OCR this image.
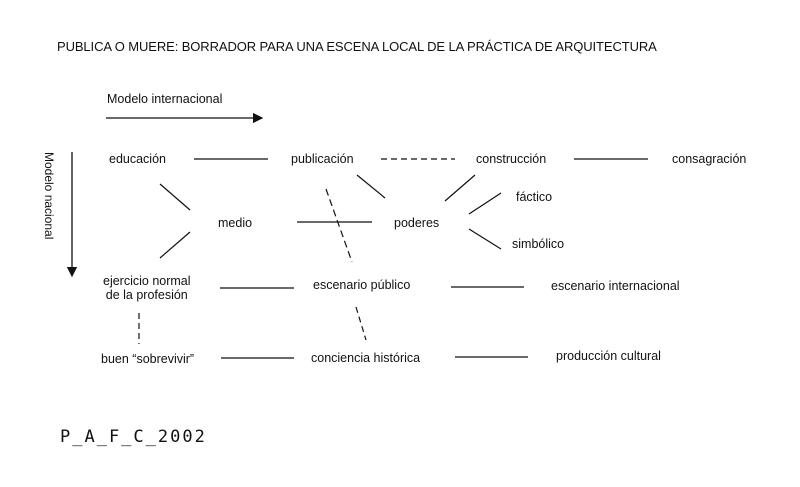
PUBLICA O MUERE: BORRADOR PARA UNA ESCENA LOCAL DE LA PRÁCTICA DE ARQUITECTURA
Modelo internacional
Modelo nacional	educación	publicación	construcción	consagración
fáctico
medio	poderes
simbólico
ejercicio normal
de la profesión
escenario público	escenario internacional
buen “sobrevivir”	conciencia histórica	producción cultural
P_A_F_C_2002
